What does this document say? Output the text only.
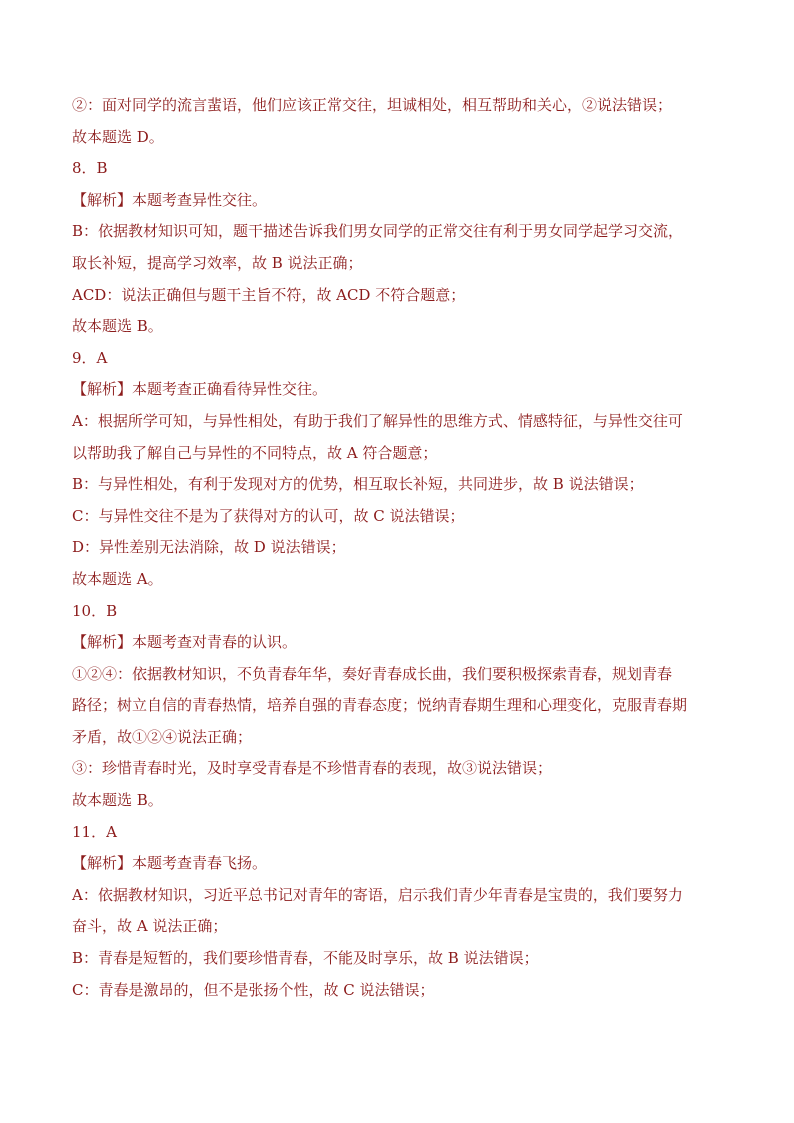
②：面对同学的流言蜚语，他们应该正常交往，坦诚相处，相互帮助和关心，②说法错误；

故本题选 D。

8．B

【解析】本题考查异性交往。

B：依据教材知识可知，题干描述告诉我们男女同学的正常交往有利于男女同学起学习交流，

取长补短，提高学习效率，故 B 说法正确；

ACD：说法正确但与题干主旨不符，故 ACD 不符合题意；

故本题选 B。

9．A

【解析】本题考查正确看待异性交往。

A：根据所学可知，与异性相处，有助于我们了解异性的思维方式、情感特征，与异性交往可

以帮助我了解自己与异性的不同特点，故 A 符合题意；

B：与异性相处，有利于发现对方的优势，相互取长补短，共同进步，故 B 说法错误；

C：与异性交往不是为了获得对方的认可，故 C 说法错误；

D：异性差别无法消除，故 D 说法错误；

故本题选 A。

10．B

【解析】本题考查对青春的认识。

①②④：依据教材知识，不负青春年华，奏好青春成长曲，我们要积极探索青春，规划青春

路径；树立自信的青春热情，培养自强的青春态度；悦纳青春期生理和心理变化，克服青春期

矛盾，故①②④说法正确；

③：珍惜青春时光，及时享受青春是不珍惜青春的表现，故③说法错误；

故本题选 B。

11．A

【解析】本题考查青春飞扬。

A：依据教材知识，习近平总书记对青年的寄语，启示我们青少年青春是宝贵的，我们要努力

奋斗，故 A 说法正确；

B：青春是短暂的，我们要珍惜青春，不能及时享乐，故 B 说法错误；

C：青春是激昂的，但不是张扬个性，故 C 说法错误；
